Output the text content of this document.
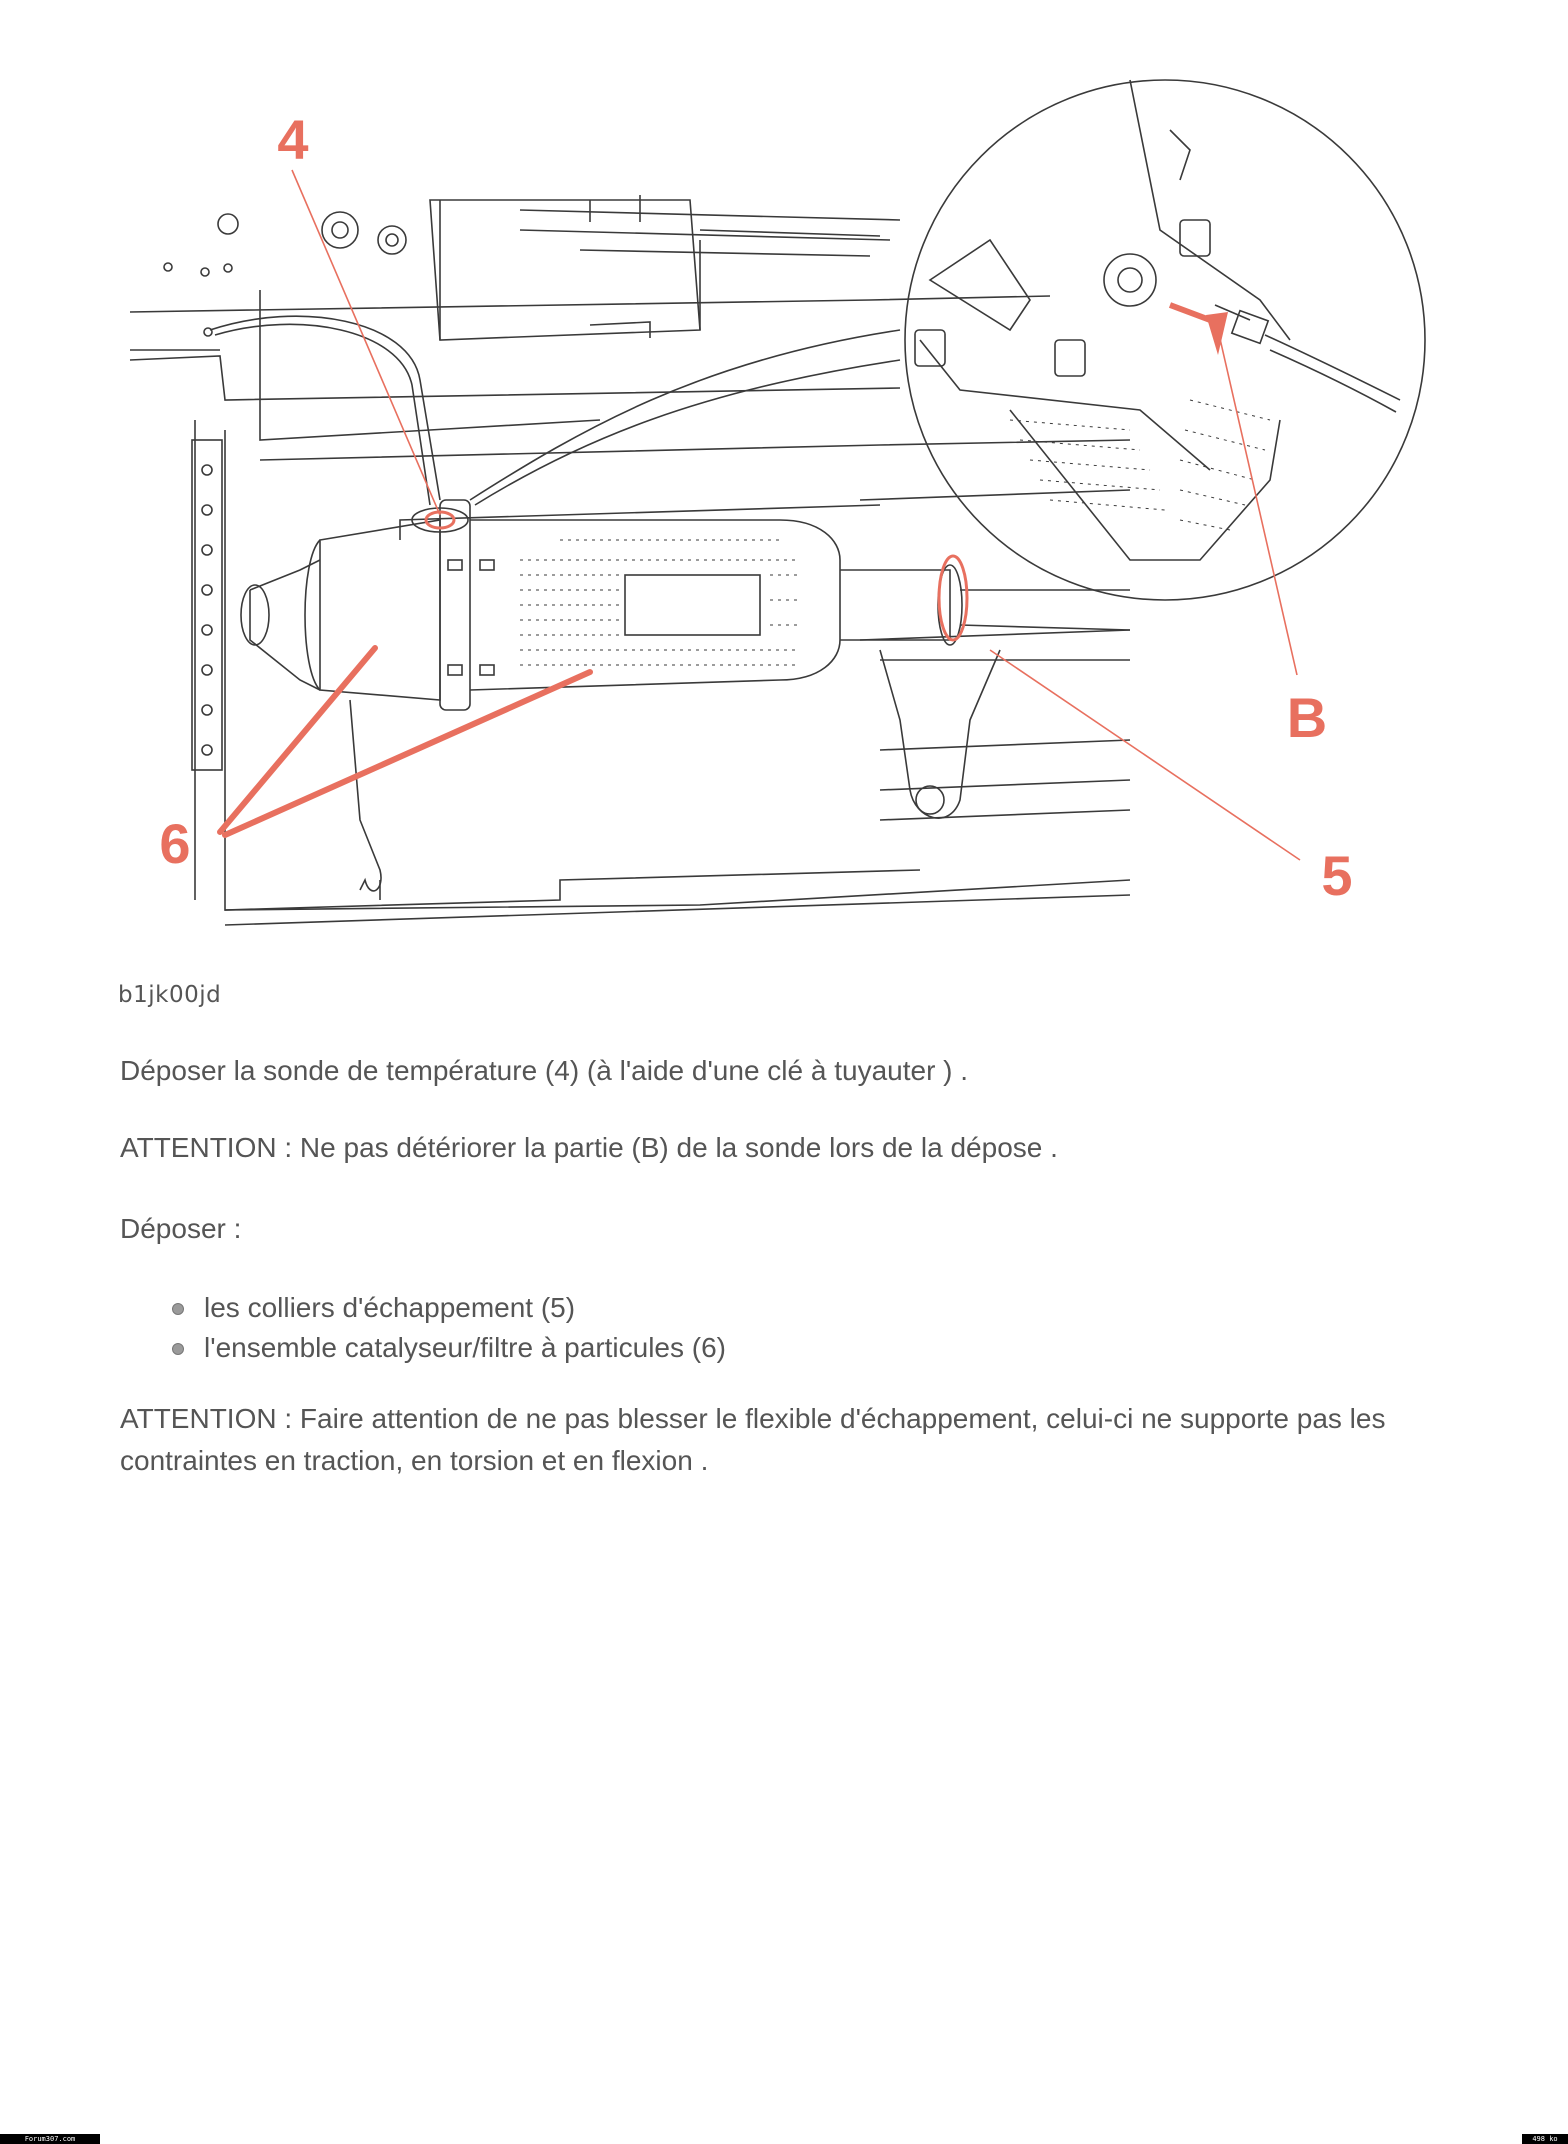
4
6
B
5
b1jk00jd
Déposer la sonde de température (4) (à l'aide d'une clé à tuyauter ) .
ATTENTION : Ne pas détériorer la partie (B) de la sonde lors de la dépose .
Déposer :
les colliers d'échappement (5)
l'ensemble catalyseur/filtre à particules (6)
ATTENTION : Faire attention de ne pas blesser le flexible d'échappement, celui-ci ne supporte pas les contraintes en traction, en torsion et en flexion .
Forum307.com	498 ko
